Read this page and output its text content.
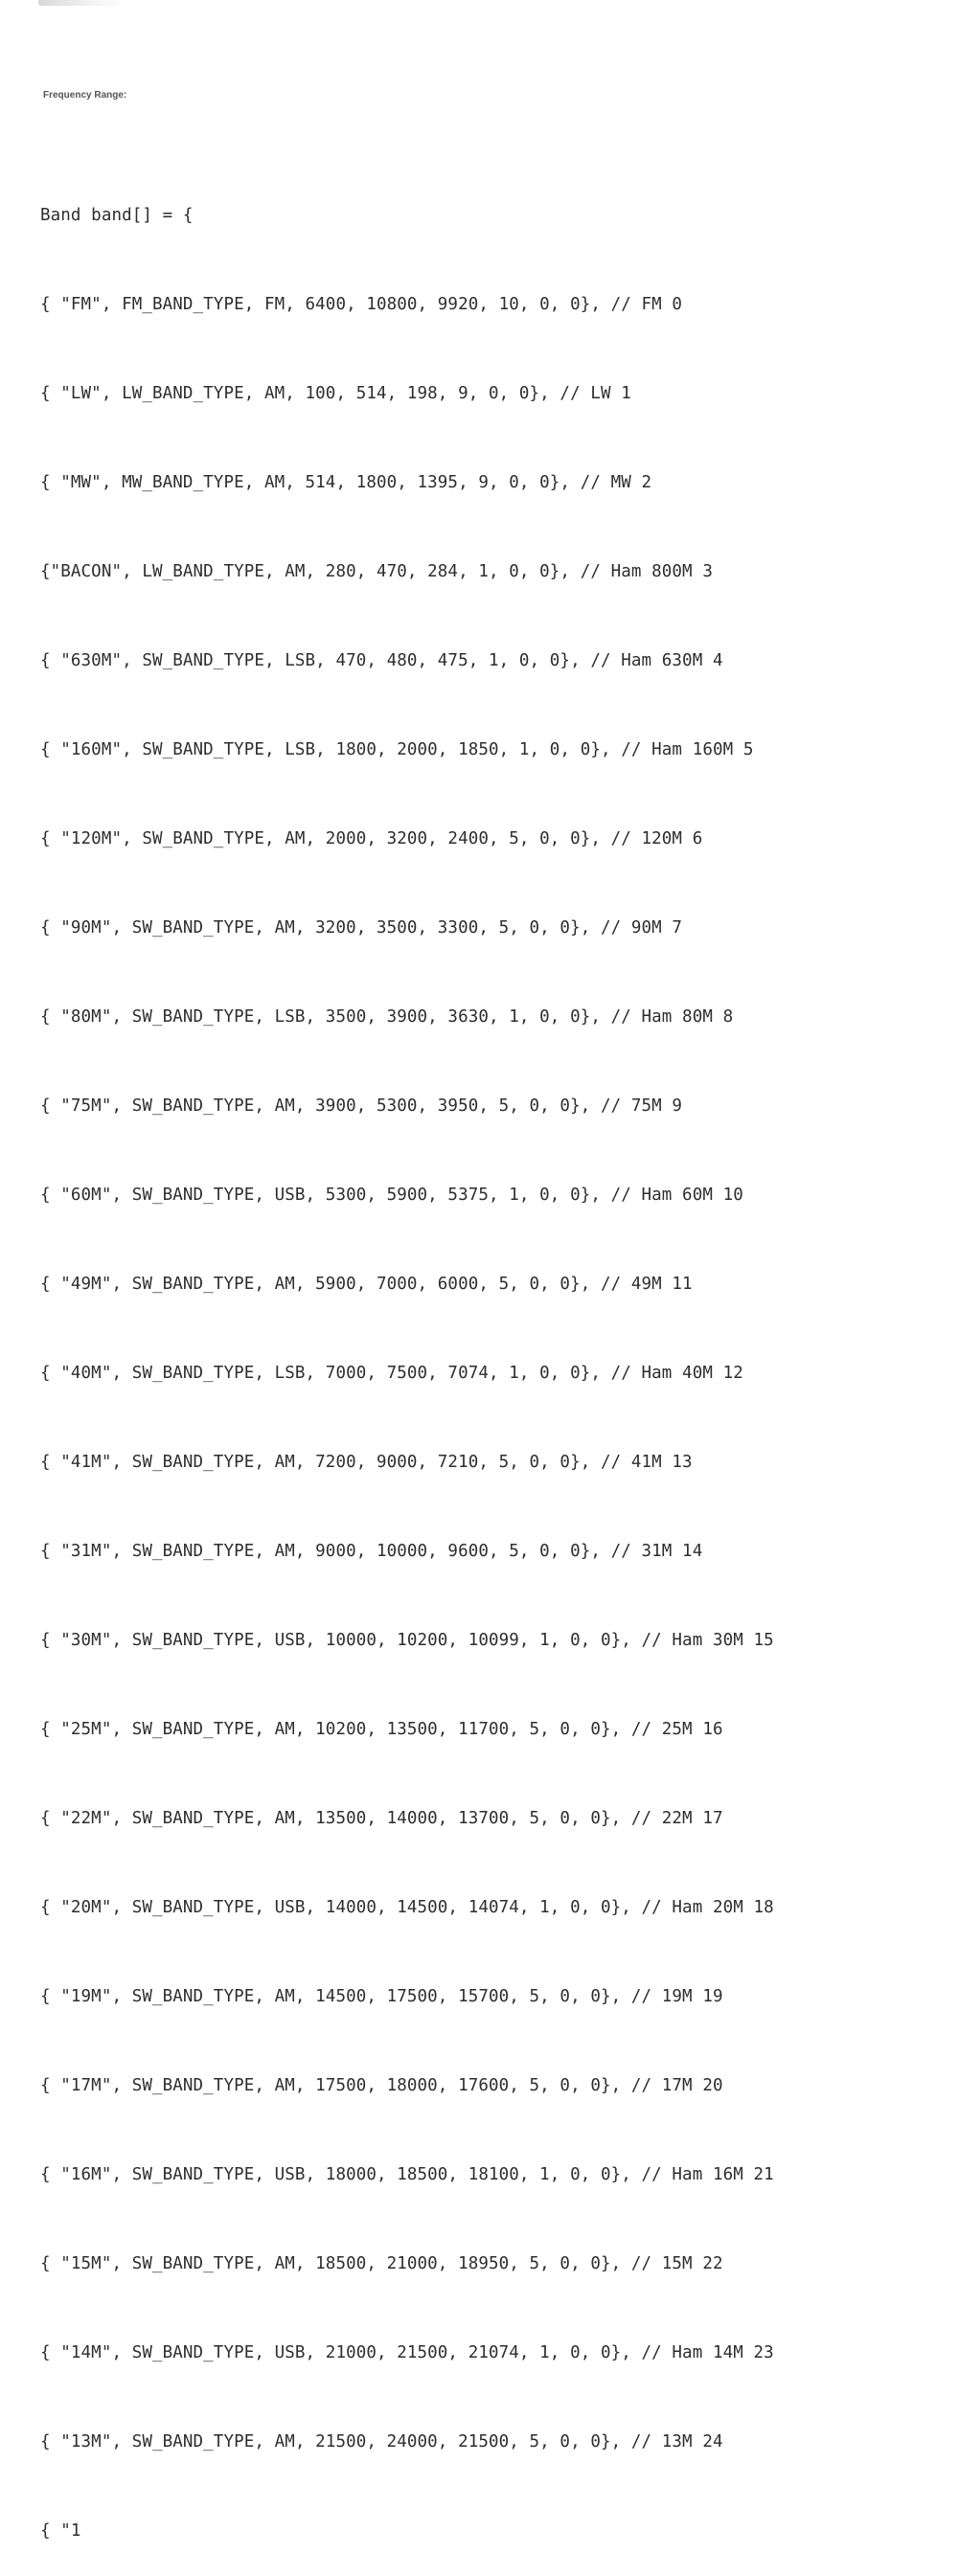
Frequency Range:

Band band[] = {

{ "FM", FM_BAND_TYPE, FM, 6400, 10800, 9920, 10, 0, 0}, // FM 0

{ "LW", LW_BAND_TYPE, AM, 100, 514, 198, 9, 0, 0}, // LW 1

{ "MW", MW_BAND_TYPE, AM, 514, 1800, 1395, 9, 0, 0}, // MW 2

{"BACON", LW_BAND_TYPE, AM, 280, 470, 284, 1, 0, 0}, // Ham 800M 3

{ "630M", SW_BAND_TYPE, LSB, 470, 480, 475, 1, 0, 0}, // Ham 630M 4

{ "160M", SW_BAND_TYPE, LSB, 1800, 2000, 1850, 1, 0, 0}, // Ham 160M 5

{ "120M", SW_BAND_TYPE, AM, 2000, 3200, 2400, 5, 0, 0}, // 120M 6

{ "90M", SW_BAND_TYPE, AM, 3200, 3500, 3300, 5, 0, 0}, // 90M 7

{ "80M", SW_BAND_TYPE, LSB, 3500, 3900, 3630, 1, 0, 0}, // Ham 80M 8

{ "75M", SW_BAND_TYPE, AM, 3900, 5300, 3950, 5, 0, 0}, // 75M 9

{ "60M", SW_BAND_TYPE, USB, 5300, 5900, 5375, 1, 0, 0}, // Ham 60M 10

{ "49M", SW_BAND_TYPE, AM, 5900, 7000, 6000, 5, 0, 0}, // 49M 11

{ "40M", SW_BAND_TYPE, LSB, 7000, 7500, 7074, 1, 0, 0}, // Ham 40M 12

{ "41M", SW_BAND_TYPE, AM, 7200, 9000, 7210, 5, 0, 0}, // 41M 13

{ "31M", SW_BAND_TYPE, AM, 9000, 10000, 9600, 5, 0, 0}, // 31M 14

{ "30M", SW_BAND_TYPE, USB, 10000, 10200, 10099, 1, 0, 0}, // Ham 30M 15

{ "25M", SW_BAND_TYPE, AM, 10200, 13500, 11700, 5, 0, 0}, // 25M 16

{ "22M", SW_BAND_TYPE, AM, 13500, 14000, 13700, 5, 0, 0}, // 22M 17

{ "20M", SW_BAND_TYPE, USB, 14000, 14500, 14074, 1, 0, 0}, // Ham 20M 18

{ "19M", SW_BAND_TYPE, AM, 14500, 17500, 15700, 5, 0, 0}, // 19M 19

{ "17M", SW_BAND_TYPE, AM, 17500, 18000, 17600, 5, 0, 0}, // 17M 20

{ "16M", SW_BAND_TYPE, USB, 18000, 18500, 18100, 1, 0, 0}, // Ham 16M 21

{ "15M", SW_BAND_TYPE, AM, 18500, 21000, 18950, 5, 0, 0}, // 15M 22

{ "14M", SW_BAND_TYPE, USB, 21000, 21500, 21074, 1, 0, 0}, // Ham 14M 23

{ "13M", SW_BAND_TYPE, AM, 21500, 24000, 21500, 5, 0, 0}, // 13M 24

{ "1
